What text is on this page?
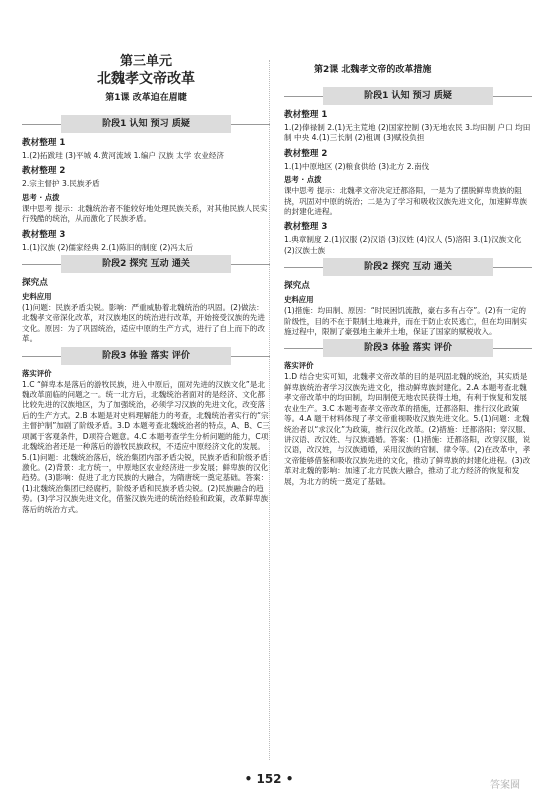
第三单元
北魏孝文帝改革
第1课 改革迫在眉睫
阶段1 认知 预习 质疑
教材整理 1

1.(2)拓跋珪 (3)平城 4.黄河流域 1.编户 汉族 太学 农业经济

教材整理 2

2.宗主督护 3.民族矛盾

思考 · 点拨

课中思考 提示：北魏统治者不能较好地处理民族关系，对其他民族人民实行残酷的统治，从而激化了民族矛盾。

教材整理 3

1.(1)汉族 (2)儒家经典 2.(1)陈旧的制度 (2)冯太后

阶段2 探究 互动 通关
探究点
史料应用

(1)问题：民族矛盾尖锐。影响：严重威胁着北魏统治的巩固。(2)做法：北魏孝文帝深化改革，对汉族地区的统治进行改革，开始接受汉族的先进文化。原因：为了巩固统治，适应中原的生产方式，进行了自上而下的改革。

阶段3 体验 落实 评价
落实评价

1.C “鲜卑本是落后的游牧民族，进入中原后，面对先进的汉族文化”是北魏改革面临的问题之一。统一北方后，北魏统治者面对的是经济、文化都比较先进的汉族地区，为了加强统治，必须学习汉族的先进文化，改变落后的生产方式。2.B 本题是对史料理解能力的考查，北魏统治者实行的“宗主督护制”加剧了阶级矛盾。3.D 本题考查北魏统治者的特点，A、B、C三项属于客观条件，D项符合题意。4.C 本题考查学生分析问题的能力，C项北魏统治者还是一种落后的游牧民族政权，不适应中原经济文化的发展。5.(1)问题：北魏统治落后，统治集团内部矛盾尖锐，民族矛盾和阶级矛盾激化。(2)背景：北方统一，中原地区农业经济进一步发展；鲜卑族的汉化趋势。(3)影响：促进了北方民族的大融合，为隋唐统一奠定基础。答案：(1)北魏统治集团已经腐朽，阶级矛盾和民族矛盾尖锐。(2)民族融合的趋势。(3)学习汉族先进文化，借鉴汉族先进的统治经验和政策，改革鲜卑族落后的统治方式。

第2课 北魏孝文帝的改革措施
阶段1 认知 预习 质疑
教材整理 1

1.(2)俸禄制 2.(1)无主荒地 (2)国家控制 (3)无地农民 3.均田制 户口 均田制 中央 4.(1)三长制 (2)租调 (3)赋役负担

教材整理 2

1.(1)中原地区 (2)粮食供给 (3)北方 2.南伐

思考 · 点拨

课中思考 提示：北魏孝文帝决定迁都洛阳，一是为了摆脱鲜卑贵族的阻挠，巩固对中原的统治；二是为了学习和吸收汉族先进文化，加速鲜卑族的封建化进程。

教材整理 3

1.典章制度 2.(1)汉服 (2)汉语 (3)汉姓 (4)汉人 (5)洛阳 3.(1)汉族文化 (2)汉族士族

阶段2 探究 互动 通关
探究点
史料应用

(1)措施：均田制、原因：“时民困饥流散，豪右多有占夺”。(2)有一定的阶级性，目的不在于限制土地兼并，而在于防止农民逃亡，但在均田制实施过程中，限制了豪强地主兼并土地，保证了国家的赋税收入。

阶段3 体验 落实 评价
落实评价

1.D 结合史实可知，北魏孝文帝改革的目的是巩固北魏的统治，其实质是鲜卑族统治者学习汉族先进文化，推动鲜卑族封建化。2.A 本题考查北魏孝文帝改革中的均田制，均田制使无地农民获得土地，有利于恢复和发展农业生产。3.C 本题考查孝文帝改革的措施，迁都洛阳、推行汉化政策等。4.A 题干材料体现了孝文帝重视吸收汉族先进文化。5.(1)问题：北魏统治者以“求汉化”为政策，推行汉化改革。(2)措施：迁都洛阳；穿汉服、讲汉语、改汉姓、与汉族通婚。答案：(1)措施：迁都洛阳，改穿汉服，说汉语，改汉姓，与汉族通婚，采用汉族的官制、律令等。(2)在改革中，孝文帝能够借鉴和吸收汉族先进的文化，推动了鲜卑族的封建化进程。(3)改革对北魏的影响：加速了北方民族大融合，推动了北方经济的恢复和发展，为北方的统一奠定了基础。

• 152 •	答案圈
